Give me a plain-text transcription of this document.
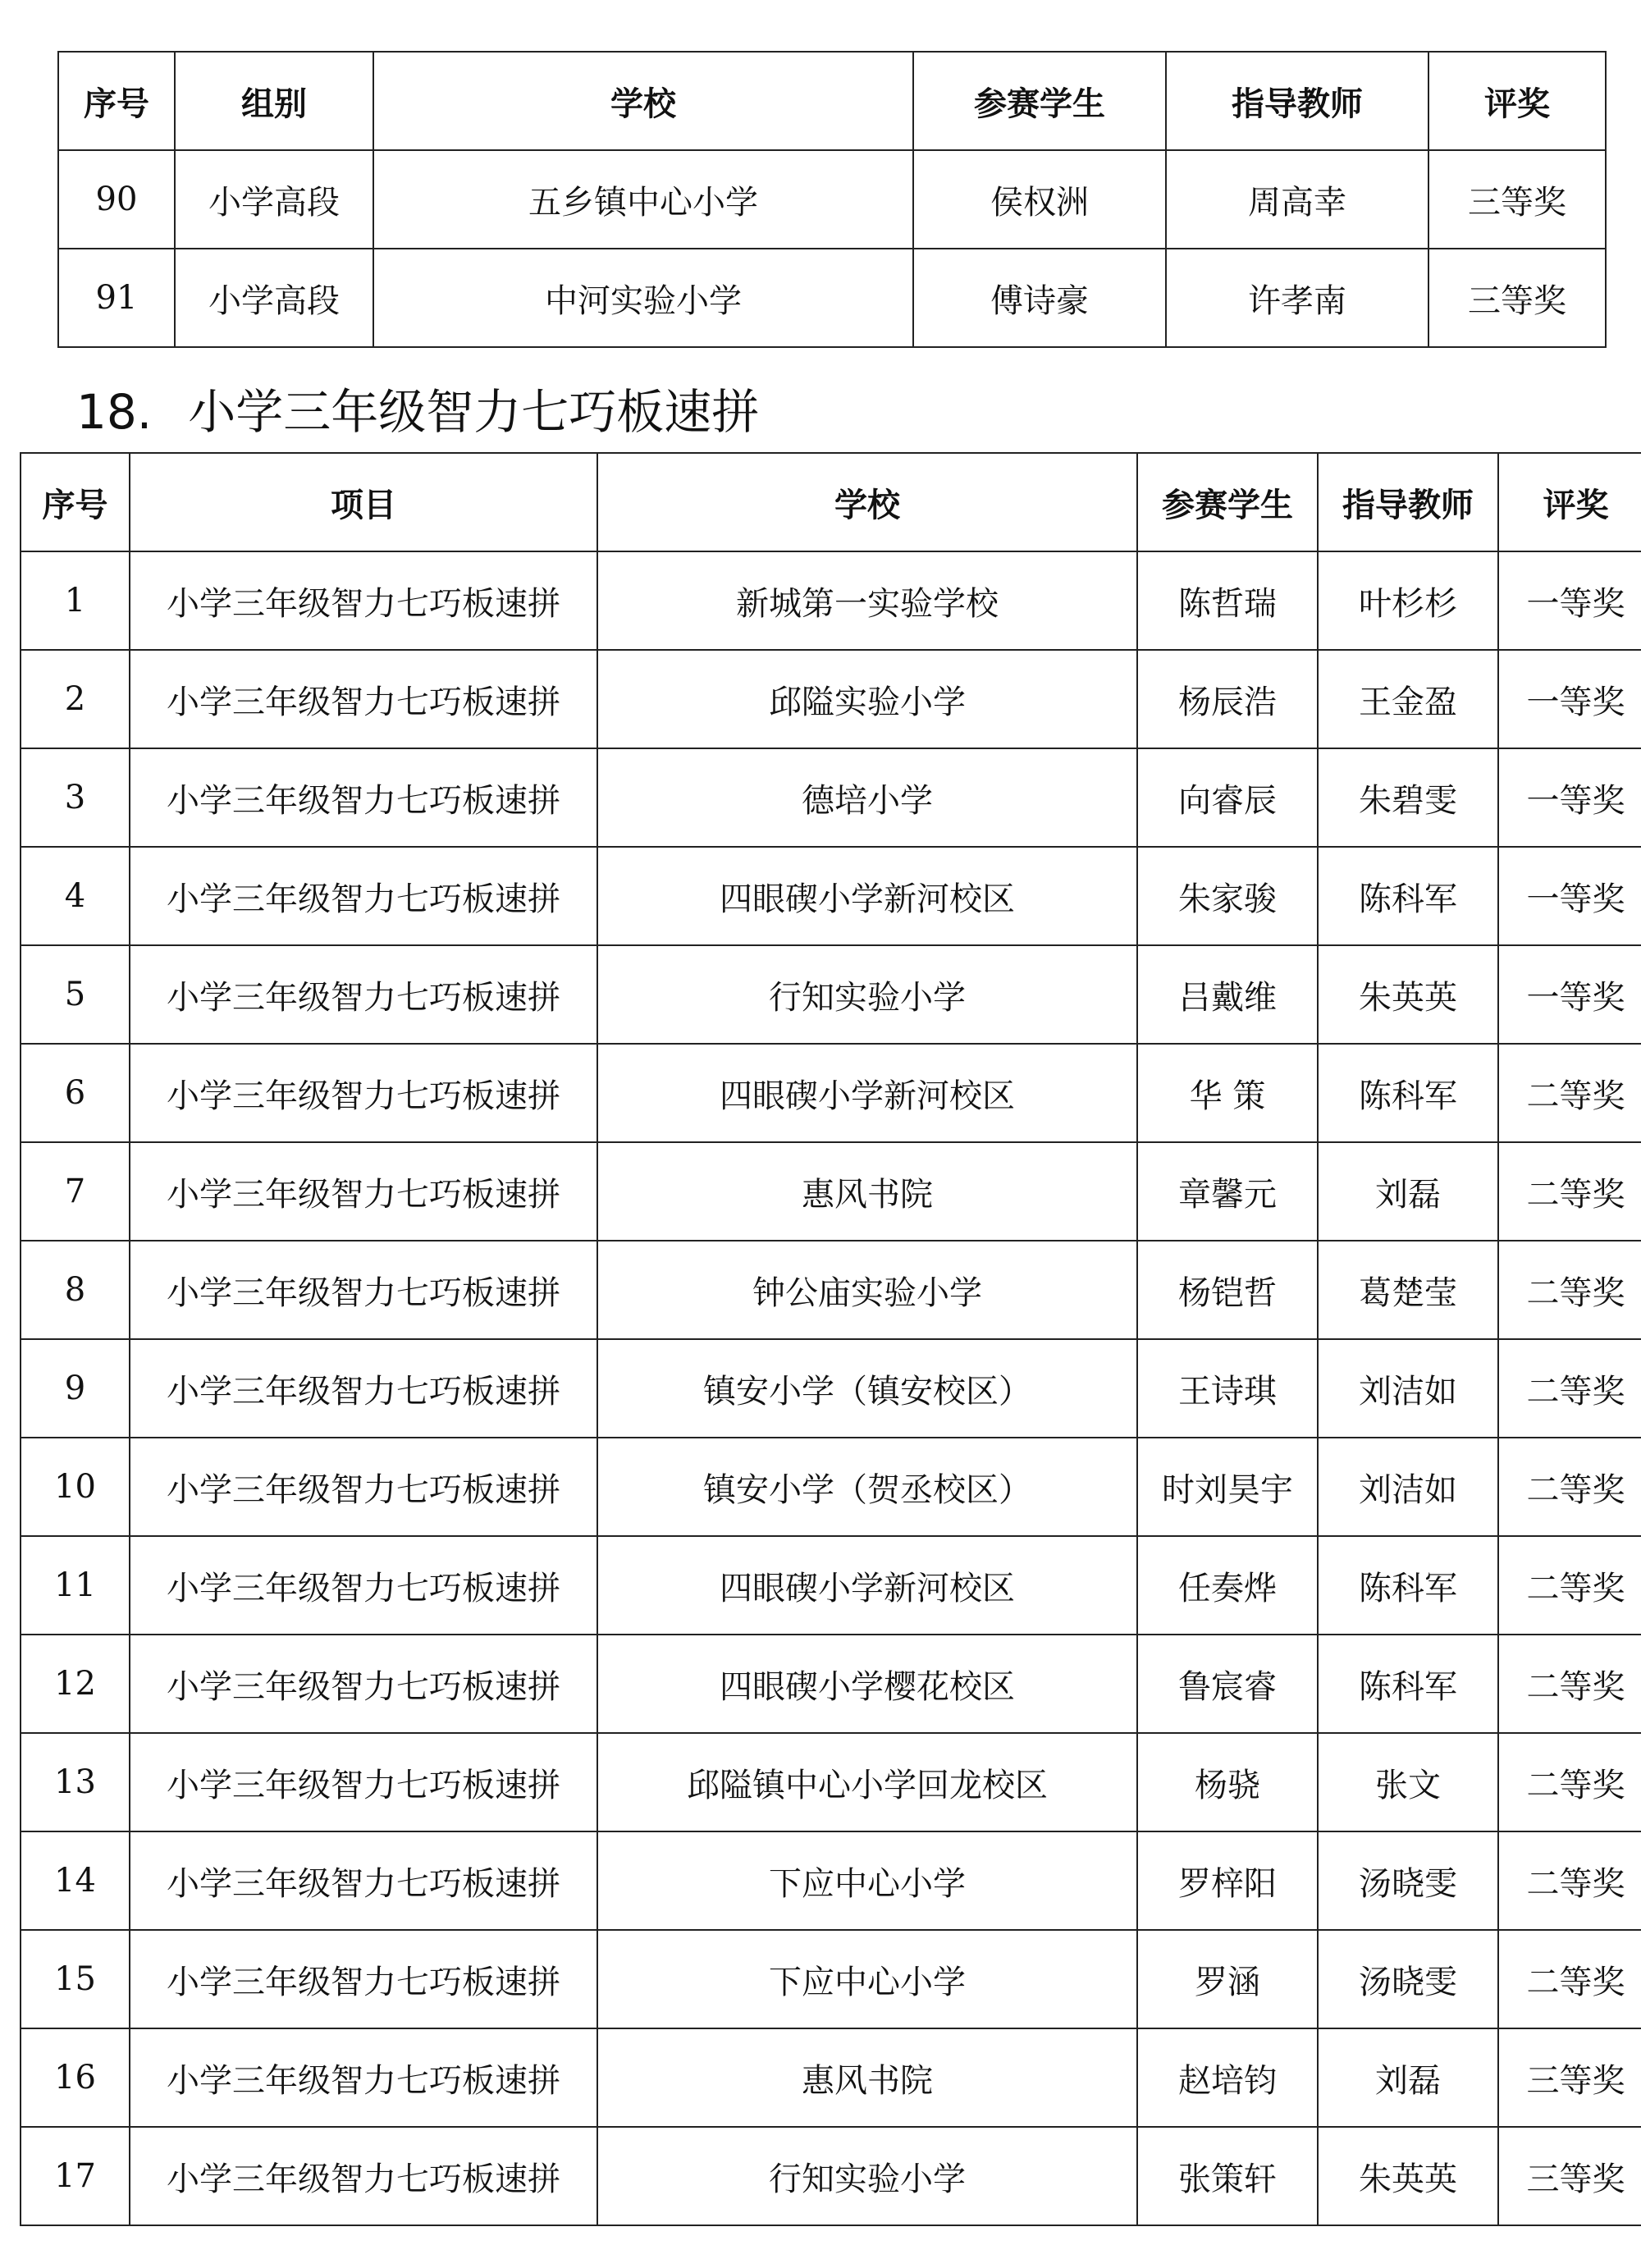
序号	组别	学校	参赛学生	指导教师	评奖
90	小学高段	五乡镇中心小学	侯权洲	周高幸	三等奖
91	小学高段	中河实验小学	傅诗豪	许孝南	三等奖
18. 小学三年级智力七巧板速拼
序号	项目	学校	参赛学生	指导教师	评奖
1	小学三年级智力七巧板速拼	新城第一实验学校	陈哲瑞	叶杉杉	一等奖
2	小学三年级智力七巧板速拼	邱隘实验小学	杨辰浩	王金盈	一等奖
3	小学三年级智力七巧板速拼	德培小学	向睿辰	朱碧雯	一等奖
4	小学三年级智力七巧板速拼	四眼碶小学新河校区	朱家骏	陈科军	一等奖
5	小学三年级智力七巧板速拼	行知实验小学	吕戴维	朱英英	一等奖
6	小学三年级智力七巧板速拼	四眼碶小学新河校区	华 策	陈科军	二等奖
7	小学三年级智力七巧板速拼	惠风书院	章馨元	刘磊	二等奖
8	小学三年级智力七巧板速拼	钟公庙实验小学	杨铠哲	葛楚莹	二等奖
9	小学三年级智力七巧板速拼	镇安小学（镇安校区）	王诗琪	刘洁如	二等奖
10	小学三年级智力七巧板速拼	镇安小学（贺丞校区）	时刘昊宇	刘洁如	二等奖
11	小学三年级智力七巧板速拼	四眼碶小学新河校区	任奏烨	陈科军	二等奖
12	小学三年级智力七巧板速拼	四眼碶小学樱花校区	鲁宸睿	陈科军	二等奖
13	小学三年级智力七巧板速拼	邱隘镇中心小学回龙校区	杨骁	张文	二等奖
14	小学三年级智力七巧板速拼	下应中心小学	罗梓阳	汤晓雯	二等奖
15	小学三年级智力七巧板速拼	下应中心小学	罗涵	汤晓雯	二等奖
16	小学三年级智力七巧板速拼	惠风书院	赵培钧	刘磊	三等奖
17	小学三年级智力七巧板速拼	行知实验小学	张策轩	朱英英	三等奖
